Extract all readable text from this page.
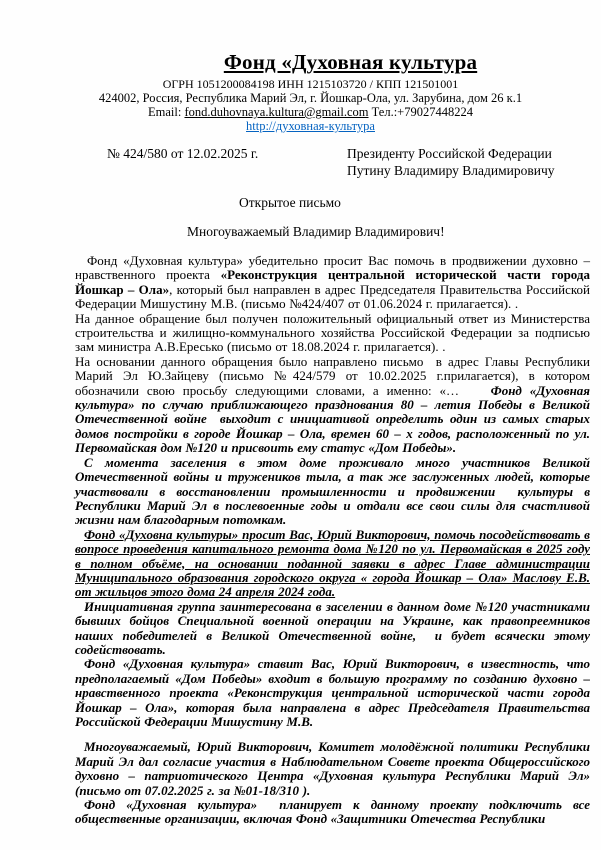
Фонд «Духовная культура
ОГРН 1051200084198 ИНН 1215103720 / КПП 121501001
424002, Россия, Республика Марий Эл, г. Йошкар-Ола, ул. Зарубина, дом 26 к.1
Email: fond.duhovnaya.kultura@gmail.com Тел.:+79027448224
http://духовная-культура
№ 424/580 от 12.02.2025 г.	Президенту Российской Федерации
Путину Владимиру Владимировичу
Открытое письмо
Многоуважаемый Владимир Владимирович!

Фонд «Духовная культура» убедительно просит Вас помочь в продвижении духовно – нравственного проекта «Реконструкция центральной исторической части города Йошкар – Ола», который был направлен в адрес Председателя Правительства Российской Федерации Мишустину М.В. (письмо №424/407 от 01.06.2024 г. прилагается). .

На данное обращение был получен положительный официальный ответ из Министерства строительства и жилищно-коммунального хозяйства Российской Федерации за подписью зам министра А.В.Ересько (письмо от 18.08.2024 г. прилагается). .

На основании данного обращения было направлено письмо  в адрес Главы Республики Марий Эл Ю.Зайцеву (письмо №424/579 от 10.02.2025 г.прилагается), в котором обозначили свою просьбу следующими словами, а именно: «…    Фонд «Духовная культура» по случаю приближающего празднования 80 – летия Победы в Великой Отечественной войне  выходит с инициативой определить один из самых старых домов постройки в городе Йошкар – Ола, времен 60 – х годов, расположенный по ул. Первомайская дом №120 и присвоить ему статус «Дом Победы».

С момента заселения в этом доме проживало много участников Великой Отечественной войны и тружеников тыла, а так же заслуженных людей, которые участвовали в восстановлении промышленности и продвижении  культуры в Республики Марий Эл в послевоенные годы и отдали все свои силы для счастливой жизни нам благодарным потомкам.

Фонд «Духовна культуры» просит Вас, Юрий Викторович, помочь посодействовать в вопросе проведения капитального ремонта дома №120 по ул. Первомайская в 2025 году в полном объёме, на основании поданной заявки в адрес Главе администрации Муниципального образования городского округа « города Йошкар – Ола» Маслову Е.В. от жильцов этого дома 24 апреля 2024 года.

Инициативная группа заинтересована в заселении в данном доме №120 участниками бывших бойцов Специальной военной операции на Украине, как правопреемников наших победителей в Великой Отечественной войне,  и будет всячески этому содействовать.

Фонд «Духовная культура» ставит Вас, Юрий Викторович, в известность, что предполагаемый «Дом Победы» входит в большую программу по созданию духовно – нравственного проекта «Реконструкция центральной исторической части города Йошкар – Ола», которая была направлена в адрес Председателя Правительства Российской Федерации Мишустину М.В.

Многоуважаемый, Юрий Викторович, Комитет молодёжной политики Республики Марий Эл дал согласие участия в Наблюдательном Совете проекта Общероссийского духовно – патриотического Центра «Духовная культура Республики Марий Эл» (письмо от 07.02.2025 г. за №01-18/310 ).

Фонд «Духовная культура»  планирует к данному проекту подключить все общественные организации, включая Фонд «Защитники Отечества Республики
